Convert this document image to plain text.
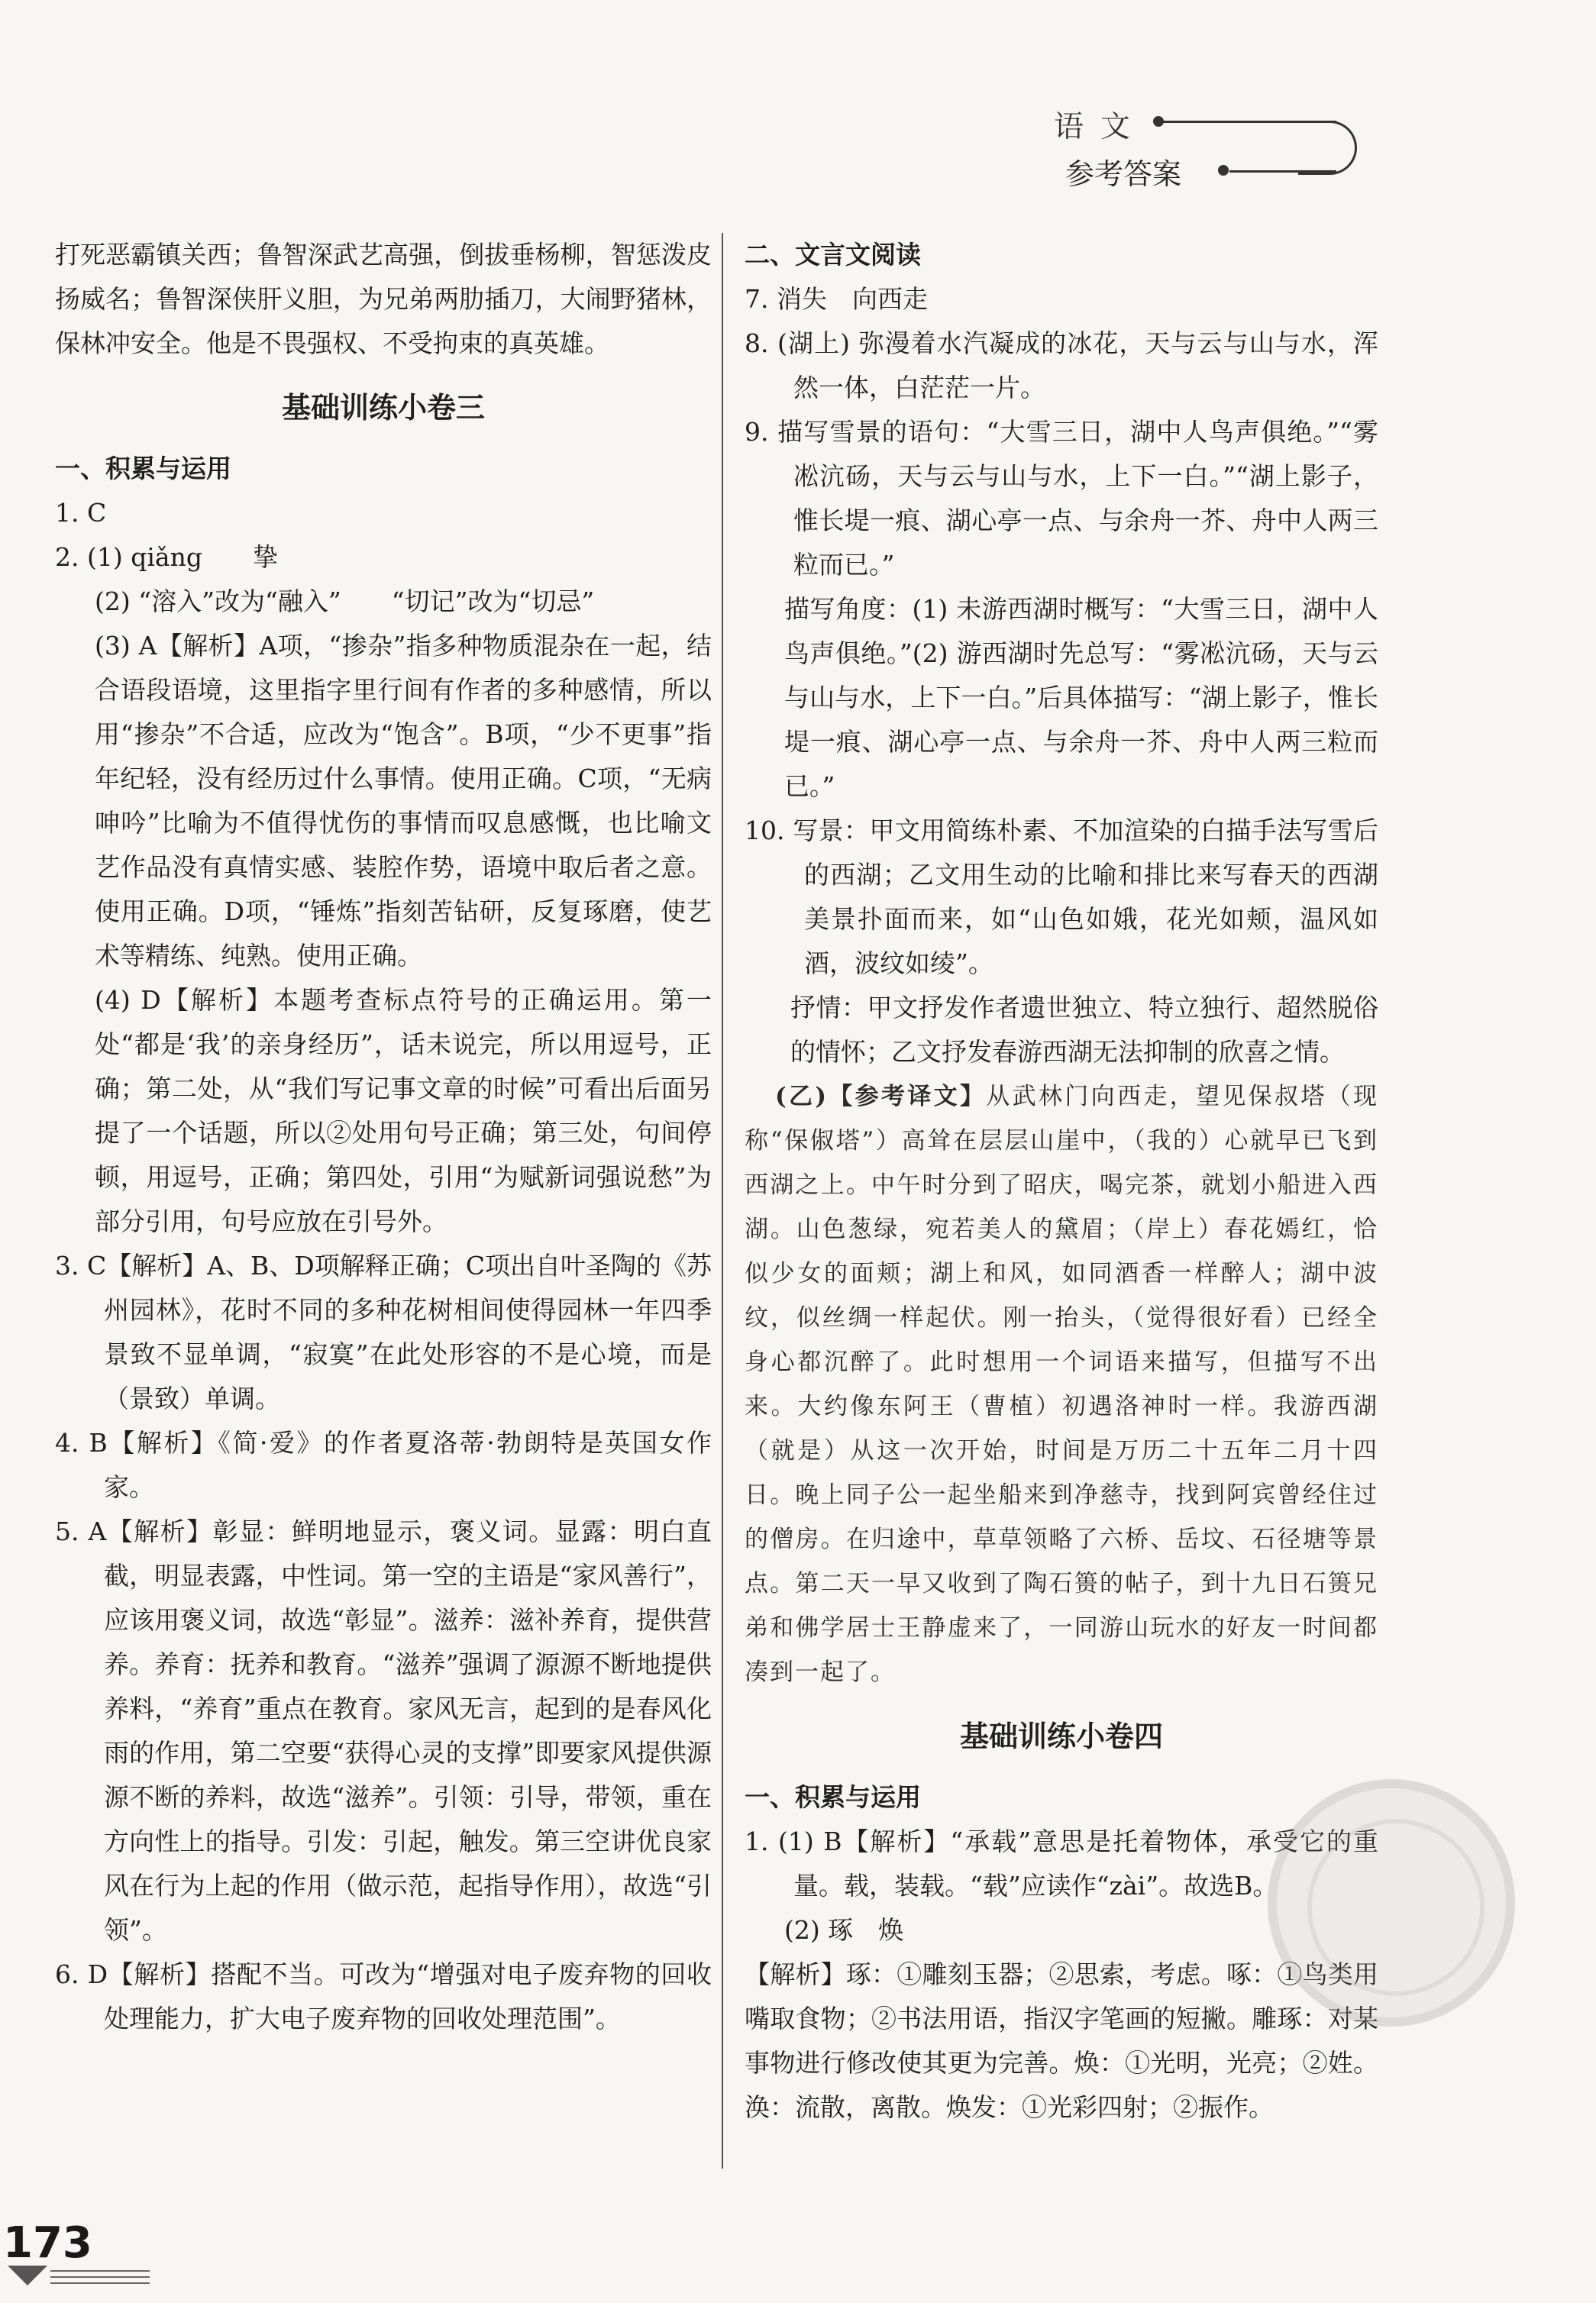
语文
参考答案

打死恶霸镇关西；鲁智深武艺高强，倒拔垂杨柳，智惩泼皮扬威名；鲁智深侠肝义胆，为兄弟两肋插刀，大闹野猪林，保林冲安全。他是不畏强权、不受拘束的真英雄。

基础训练小卷三

一、积累与运用

1. C

2. (1) qiǎng　　挚

(2) “溶入”改为“融入”　　“切记”改为“切忌”

(3) A【解析】A项，“掺杂”指多种物质混杂在一起，结合语段语境，这里指字里行间有作者的多种感情，所以用“掺杂”不合适，应改为“饱含”。B项，“少不更事”指年纪轻，没有经历过什么事情。使用正确。C项，“无病呻吟”比喻为不值得忧伤的事情而叹息感慨，也比喻文艺作品没有真情实感、装腔作势，语境中取后者之意。使用正确。D项，“锤炼”指刻苦钻研，反复琢磨，使艺术等精练、纯熟。使用正确。

(4) D【解析】本题考查标点符号的正确运用。第一处“都是‘我’的亲身经历”，话未说完，所以用逗号，正确；第二处，从“我们写记事文章的时候”可看出后面另提了一个话题，所以②处用句号正确；第三处，句间停顿，用逗号，正确；第四处，引用“为赋新词强说愁”为部分引用，句号应放在引号外。

3. C【解析】A、B、D项解释正确；C项出自叶圣陶的《苏州园林》，花时不同的多种花树相间使得园林一年四季景致不显单调，“寂寞”在此处形容的不是心境，而是（景致）单调。

4. B【解析】《简·爱》的作者夏洛蒂·勃朗特是英国女作家。

5. A【解析】彰显：鲜明地显示，褒义词。显露：明白直截，明显表露，中性词。第一空的主语是“家风善行”，应该用褒义词，故选“彰显”。滋养：滋补养育，提供营养。养育：抚养和教育。“滋养”强调了源源不断地提供养料，“养育”重点在教育。家风无言，起到的是春风化雨的作用，第二空要“获得心灵的支撑”即要家风提供源源不断的养料，故选“滋养”。引领：引导，带领，重在方向性上的指导。引发：引起，触发。第三空讲优良家风在行为上起的作用（做示范，起指导作用），故选“引领”。

6. D【解析】搭配不当。可改为“增强对电子废弃物的回收处理能力，扩大电子废弃物的回收处理范围”。

二、文言文阅读

7. 消失　向西走

8. (湖上) 弥漫着水汽凝成的冰花，天与云与山与水，浑然一体，白茫茫一片。

9. 描写雪景的语句：“大雪三日，湖中人鸟声俱绝。”“雾凇沆砀，天与云与山与水，上下一白。”“湖上影子，惟长堤一痕、湖心亭一点、与余舟一芥、舟中人两三粒而已。”

描写角度：(1) 未游西湖时概写：“大雪三日，湖中人鸟声俱绝。”(2) 游西湖时先总写：“雾凇沆砀，天与云与山与水，上下一白。”后具体描写：“湖上影子，惟长堤一痕、湖心亭一点、与余舟一芥、舟中人两三粒而已。”

10. 写景：甲文用简练朴素、不加渲染的白描手法写雪后的西湖；乙文用生动的比喻和排比来写春天的西湖美景扑面而来，如“山色如娥，花光如颊，温风如酒，波纹如绫”。

抒情：甲文抒发作者遗世独立、特立独行、超然脱俗的情怀；乙文抒发春游西湖无法抑制的欣喜之情。

(乙)【参考译文】从武林门向西走，望见保叔塔（现称“保俶塔”）高耸在层层山崖中，（我的）心就早已飞到西湖之上。中午时分到了昭庆，喝完茶，就划小船进入西湖。山色葱绿，宛若美人的黛眉；（岸上）春花嫣红，恰似少女的面颊；湖上和风，如同酒香一样醉人；湖中波纹，似丝绸一样起伏。刚一抬头，（觉得很好看）已经全身心都沉醉了。此时想用一个词语来描写，但描写不出来。大约像东阿王（曹植）初遇洛神时一样。我游西湖（就是）从这一次开始，时间是万历二十五年二月十四日。晚上同子公一起坐船来到净慈寺，找到阿宾曾经住过的僧房。在归途中，草草领略了六桥、岳坟、石径塘等景点。第二天一早又收到了陶石篑的帖子，到十九日石篑兄弟和佛学居士王静虚来了，一同游山玩水的好友一时间都凑到一起了。

基础训练小卷四

一、积累与运用

1. (1) B【解析】“承载”意思是托着物体，承受它的重量。载，装载。“载”应读作“zài”。故选B。

(2) 琢　焕

【解析】琢：①雕刻玉器；②思索，考虑。啄：①鸟类用嘴取食物；②书法用语，指汉字笔画的短撇。雕琢：对某事物进行修改使其更为完善。焕：①光明，光亮；②姓。涣：流散，离散。焕发：①光彩四射；②振作。

173
